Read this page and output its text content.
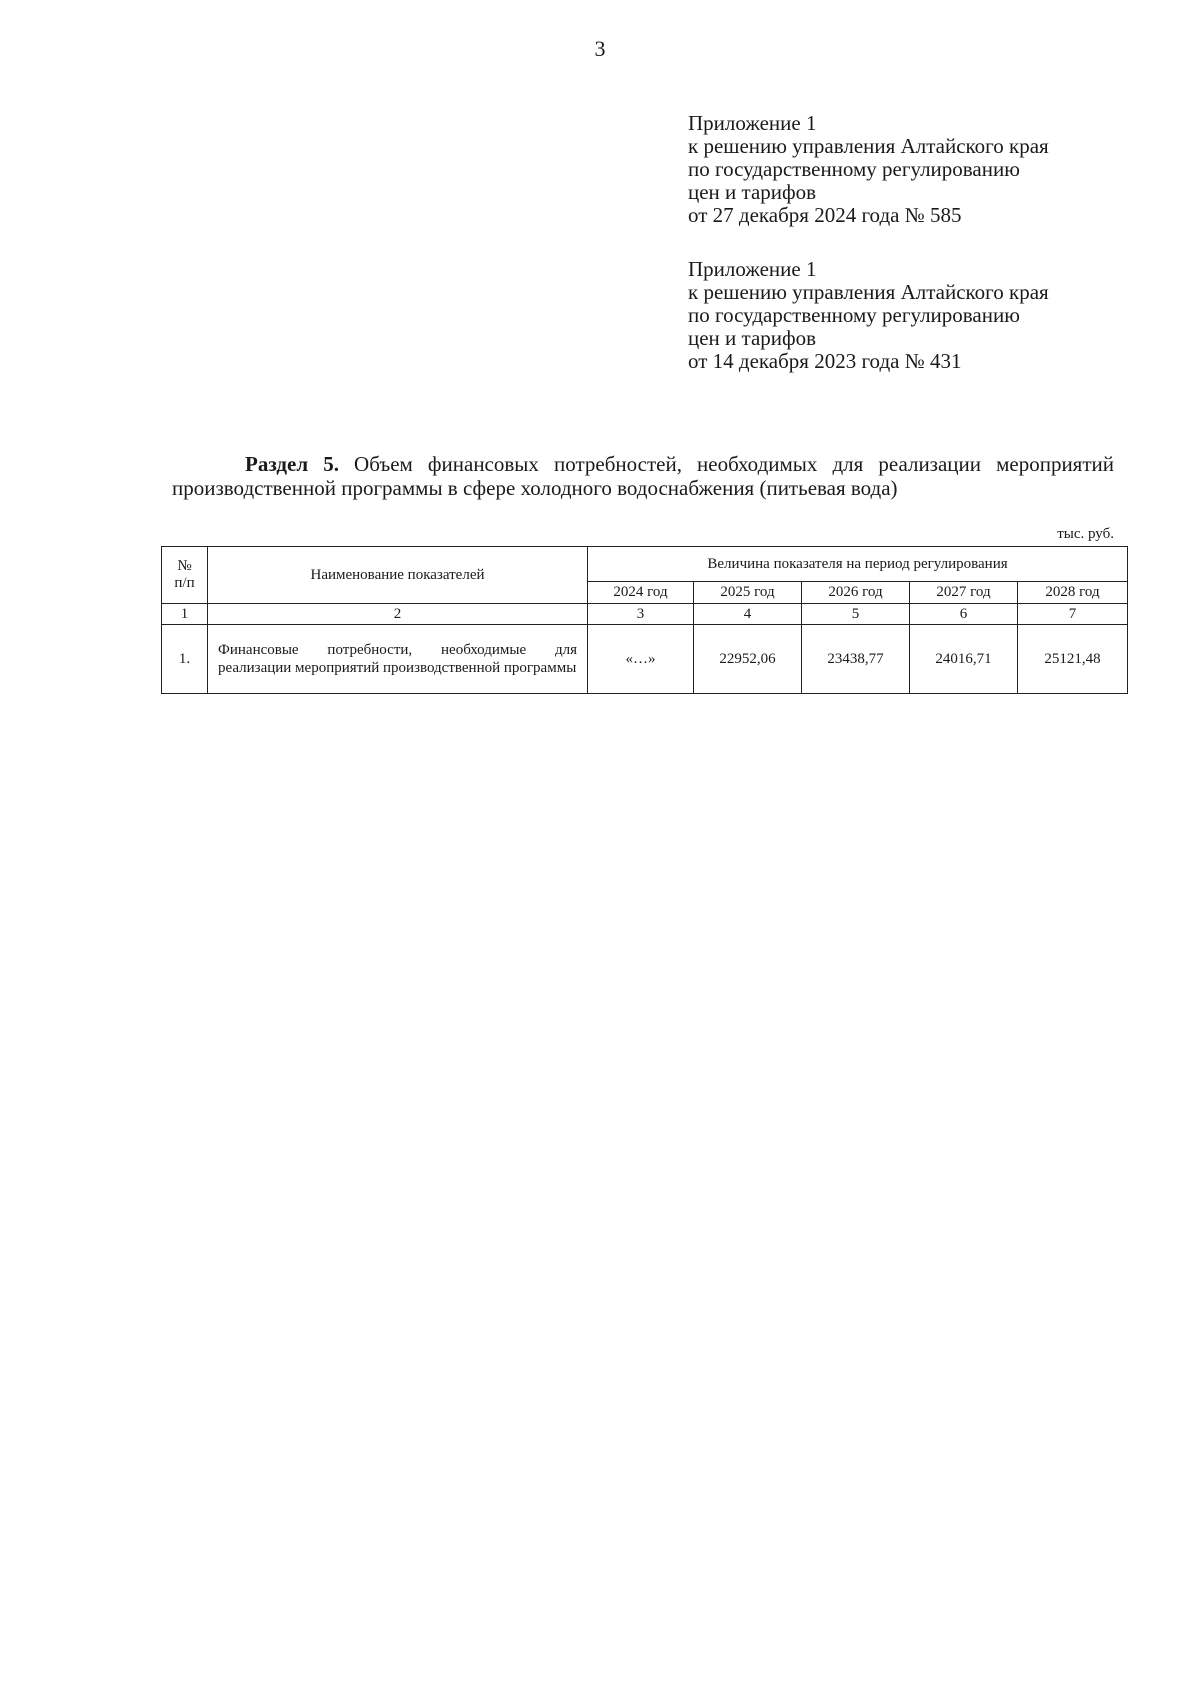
3
Приложение 1
к решению управления Алтайского края
по государственному регулированию
цен и тарифов
от 27 декабря 2024 года № 585
Приложение 1
к решению управления Алтайского края
по государственному регулированию
цен и тарифов
от 14 декабря 2023 года № 431
Раздел 5. Объем финансовых потребностей, необходимых для реализации мероприятий производственной программы в сфере холодного водоснабжения (питьевая вода)
тыс. руб.
№
п/п	Наименование показателей	Величина показателя на период регулирования				
		2024 год	2025 год	2026 год	2027 год	2028 год
1	2	3	4	5	6	7
1.	Финансовые потребности, необходимые для реализации мероприятий производственной программы	«…»	22952,06	23438,77	24016,71	25121,48
